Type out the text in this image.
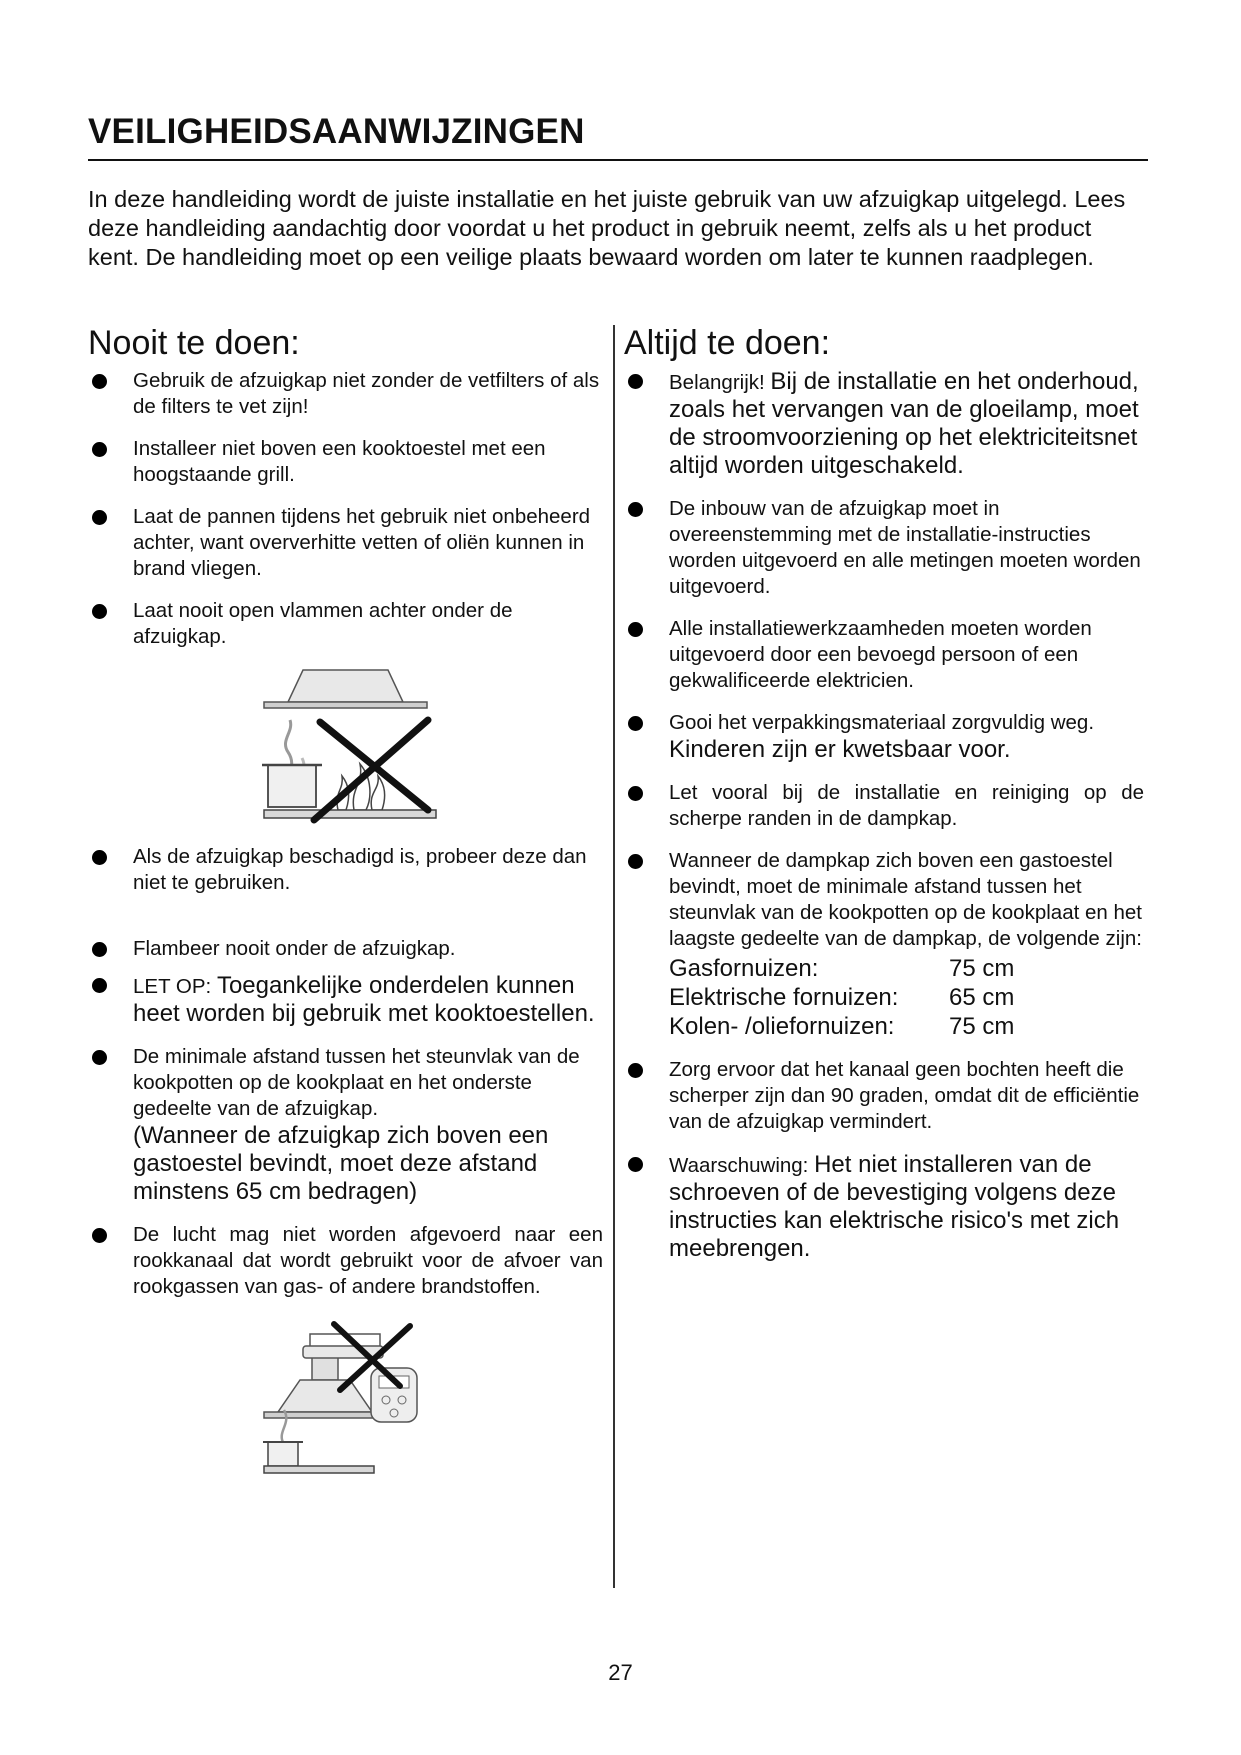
VEILIGHEIDSAANWIJZINGEN

In deze handleiding wordt de juiste installatie en het juiste gebruik van uw afzuigkap uitgelegd. Lees deze handleiding aandachtig door voordat u het product in gebruik neemt, zelfs als u het product kent. De handleiding moet op een veilige plaats bewaard worden om later te kunnen raadplegen.

Nooit te doen:
Gebruik de afzuigkap niet zonder de vetfilters of als de filters te vet zijn!
Installeer niet boven een kooktoestel met een hoogstaande grill.
Laat de pannen tijdens het gebruik niet onbeheerd achter, want oververhitte vetten of oliën kunnen in brand vliegen.
Laat nooit open vlammen achter onder de afzuigkap.
Als de afzuigkap beschadigd is, probeer deze dan niet te gebruiken.
Flambeer nooit onder de afzuigkap.
LET OP: Toegankelijke onderdelen kunnen heet worden bij gebruik met kooktoestellen.
De minimale afstand tussen het steunvlak van de kookpotten op de kookplaat en het onderste gedeelte van de afzuigkap.
(Wanneer de afzuigkap zich boven een gastoestel bevindt, moet deze afstand minstens 65 cm bedragen)
De lucht mag niet worden afgevoerd naar een rookkanaal dat wordt gebruikt voor de afvoer van rookgassen van gas- of andere brandstoffen.
Altijd te doen:
Belangrijk! Bij de installatie en het onderhoud, zoals het vervangen van de gloeilamp, moet de stroomvoorziening op het elektriciteitsnet altijd worden uitgeschakeld.
De inbouw van de afzuigkap moet in overeenstemming met de installatie-instructies worden uitgevoerd en alle metingen moeten worden uitgevoerd.
Alle installatiewerkzaamheden moeten worden uitgevoerd door een bevoegd persoon of een gekwalificeerde elektricien.
Gooi het verpakkingsmateriaal zorgvuldig weg.
Kinderen zijn er kwetsbaar voor.
Let vooral bij de installatie en reiniging op de scherpe randen in de dampkap.
Wanneer de dampkap zich boven een gastoestel bevindt, moet de minimale afstand tussen het steunvlak van de kookpotten op de kookplaat en het laagste gedeelte van de dampkap, de volgende zijn:
Gasfornuizen:	75 cm
Elektrische fornuizen:	65 cm
Kolen- /oliefornuizen:	75 cm
Zorg ervoor dat het kanaal geen bochten heeft die scherper zijn dan 90 graden, omdat dit de efficiëntie van de afzuigkap vermindert.
Waarschuwing: Het niet installeren van de schroeven of de bevestiging volgens deze instructies kan elektrische risico's met zich meebrengen.
27
